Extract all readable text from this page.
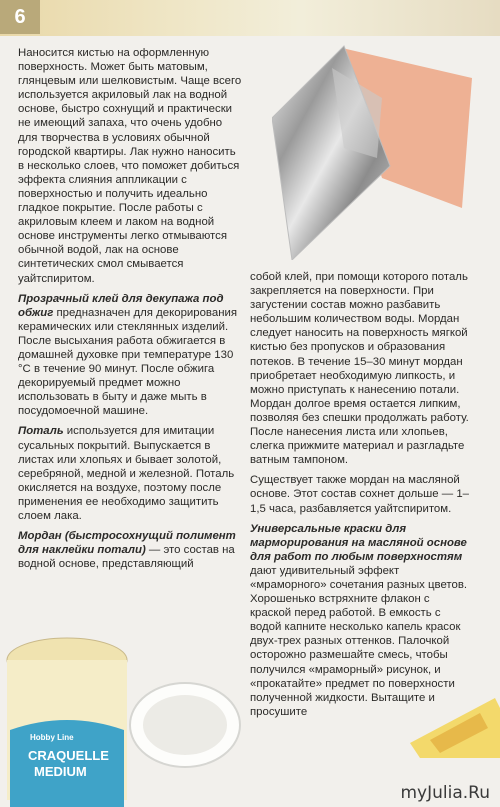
6

Наносится кистью на оформленную поверхность. Может быть матовым, глянцевым или шелковистым. Чаще всего используется акриловый лак на водной основе, быстро сохнущий и практически не имеющий запаха, что очень удобно для творчества в условиях обычной городской квартиры. Лак нужно наносить в несколько слоев, что поможет добиться эффекта слияния аппликации с поверхностью и получить идеально гладкое покрытие. После работы с акриловым клеем и лаком на водной основе инструменты легко отмываются обычной водой, лак на основе синтетических смол смывается уайтспиритом.

Прозрачный клей для декупажа под обжиг предназначен для декорирования керамических или стеклянных изделий. После высыхания работа обжигается в домашней духовке при температуре 130 °С в течение 90 минут. После обжига декорируемый предмет можно использовать в быту и даже мыть в посудомоечной машине.

Поталь используется для имитации сусальных покрытий. Выпускается в листах или хлопьях и бывает золотой, серебряной, медной и железной. Поталь окисляется на воздухе, поэтому после применения ее необходимо защитить слоем лака.

Мордан (быстросохнущий полимент для наклейки потали) — это состав на водной основе, представляющий

собой клей, при помощи которого поталь закрепляется на поверхности. При загустении состав можно разбавить небольшим количеством воды. Мордан следует наносить на поверхность мягкой кистью без пропусков и образования потеков. В течение 15–30 минут мордан приобретает необходимую липкость, и можно приступать к нанесению потали. Мордан долгое время остается липким, позволяя без спешки продолжать работу. После нанесения листа или хлопьев, слегка прижмите материал и разгладьте ватным тампоном.

Существует также мордан на масляной основе. Этот состав сохнет дольше — 1–1,5 часа, разбавляется уайтспиритом.

Универсальные краски для марморирования на масляной основе для работ по любым поверхностям дают удивительный эффект «мраморного» сочетания разных цветов. Хорошенько встряхните флакон с краской перед работой. В емкость с водой капните несколько капель красок двух-трех разных оттенков. Палочкой осторожно размешайте смесь, чтобы получился «мраморный» рисунок, и «прокатайте» предмет по поверхности полученной жидкости. Вытащите и просушите

Hobby Line
CRAQUELLE
MEDIUM
myJulia.Ru
